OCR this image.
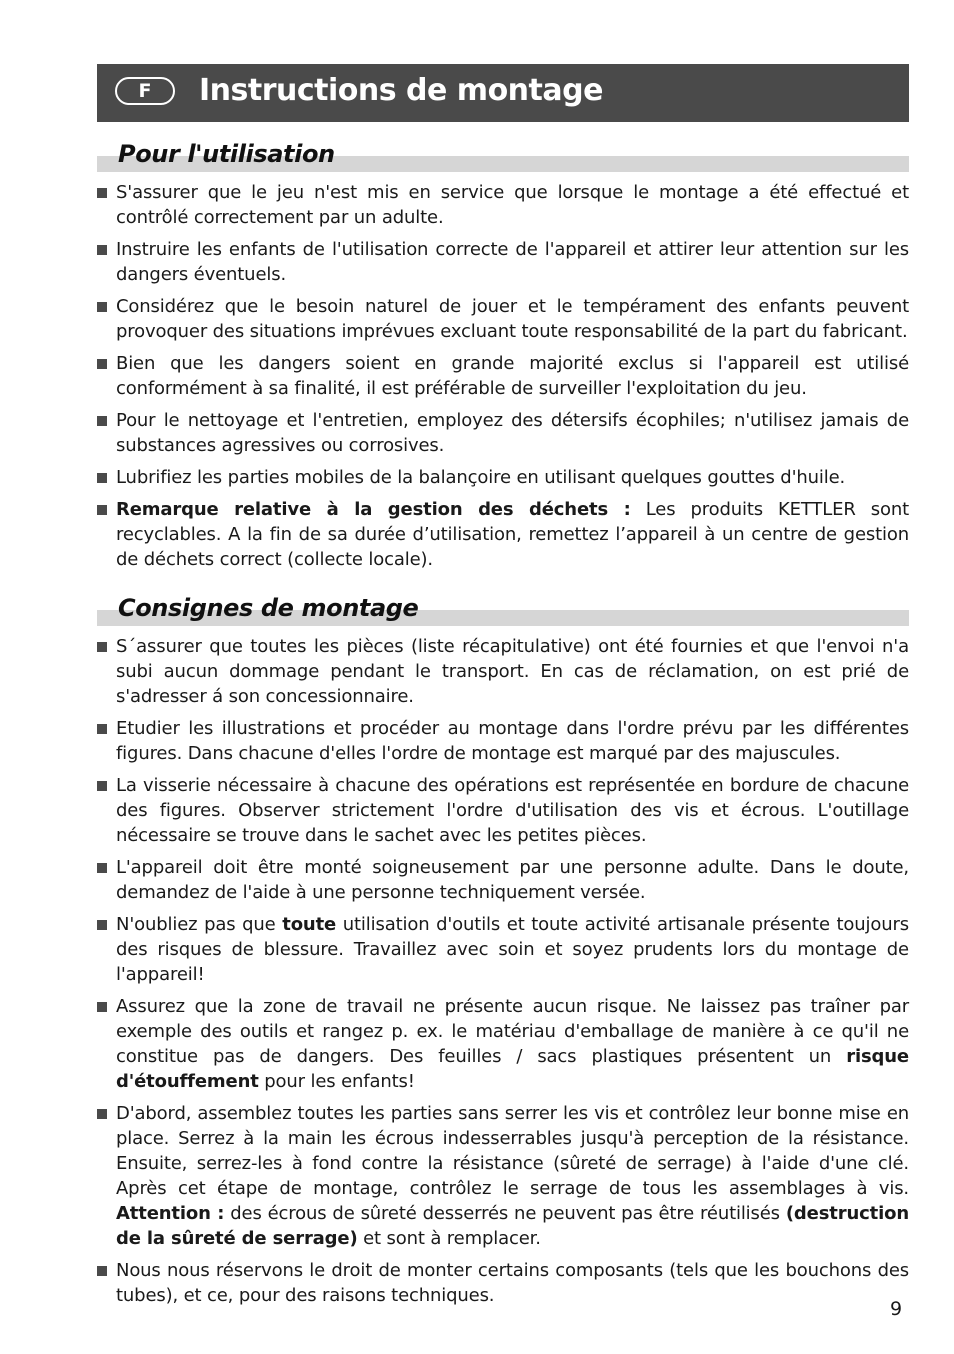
F	Instructions de montage
Pour l'utilisation
S'assurer que le jeu n'est mis en service que lorsque le montage a été effectué et contrôlé correctement par un adulte.
Instruire les enfants de l'utilisation correcte de l'appareil et attirer leur attention sur les dangers éventuels.
Considérez que le besoin naturel de jouer et le tempérament des enfants peuvent provoquer des situations imprévues excluant toute responsabilité de la part du fabricant.
Bien que les dangers soient en grande majorité exclus si l'appareil est utilisé conformément à sa finalité, il est préférable de surveiller l'exploitation du jeu.
Pour le nettoyage et l'entretien, employez des détersifs écophiles; n'utilisez jamais de substances agressives ou corrosives.
Lubrifiez les parties mobiles de la balançoire en utilisant quelques gouttes d'huile.
Remarque relative à la gestion des déchets : Les produits KETTLER sont recyclables. A la fin de sa durée d’utilisation, remettez l’appareil à un centre de gestion de déchets correct (collecte locale).
Consignes de montage
S´assurer que toutes les pièces (liste récapitulative) ont été fournies et que l'envoi n'a subi aucun dommage pendant le transport. En cas de réclamation, on est prié de s'adresser á son concessionnaire.
Etudier les illustrations et procéder au montage dans l'ordre prévu par les différentes figures. Dans chacune d'elles l'ordre de montage est marqué par des majuscules.
La visserie nécessaire à chacune des opérations est représentée en bordure de chacune des figures. Observer strictement l'ordre d'utilisation des vis et écrous. L'outillage nécessaire se trouve dans le sachet avec les petites pièces.
L'appareil doit être monté soigneusement par une personne adulte. Dans le doute, demandez de l'aide à une personne techniquement versée.
N'oubliez pas que toute utilisation d'outils et toute activité artisanale présente toujours des risques de blessure. Travaillez avec soin et soyez prudents lors du montage de l'appareil!
Assurez que la zone de travail ne présente aucun risque. Ne laissez pas traîner par exemple des outils et rangez p. ex. le matériau d'emballage de manière à ce qu'il ne constitue pas de dangers. Des feuilles / sacs plastiques présentent un risque d'étouffement pour les enfants!
D'abord, assemblez toutes les parties sans serrer les vis et contrôlez leur bonne mise en place. Serrez à la main les écrous indesserrables jusqu'à perception de la résistance. Ensuite, serrez-les à fond contre la résistance (sûreté de serrage) à l'aide d'une clé. Après cet étape de montage, contrôlez le serrage de tous les assemblages à vis. Attention : des écrous de sûreté desserrés ne peuvent pas être réutilisés (destruction de la sûreté de serrage) et sont à remplacer.
Nous nous réservons le droit de monter certains composants (tels que les bouchons des tubes), et ce, pour des raisons techniques.
9
